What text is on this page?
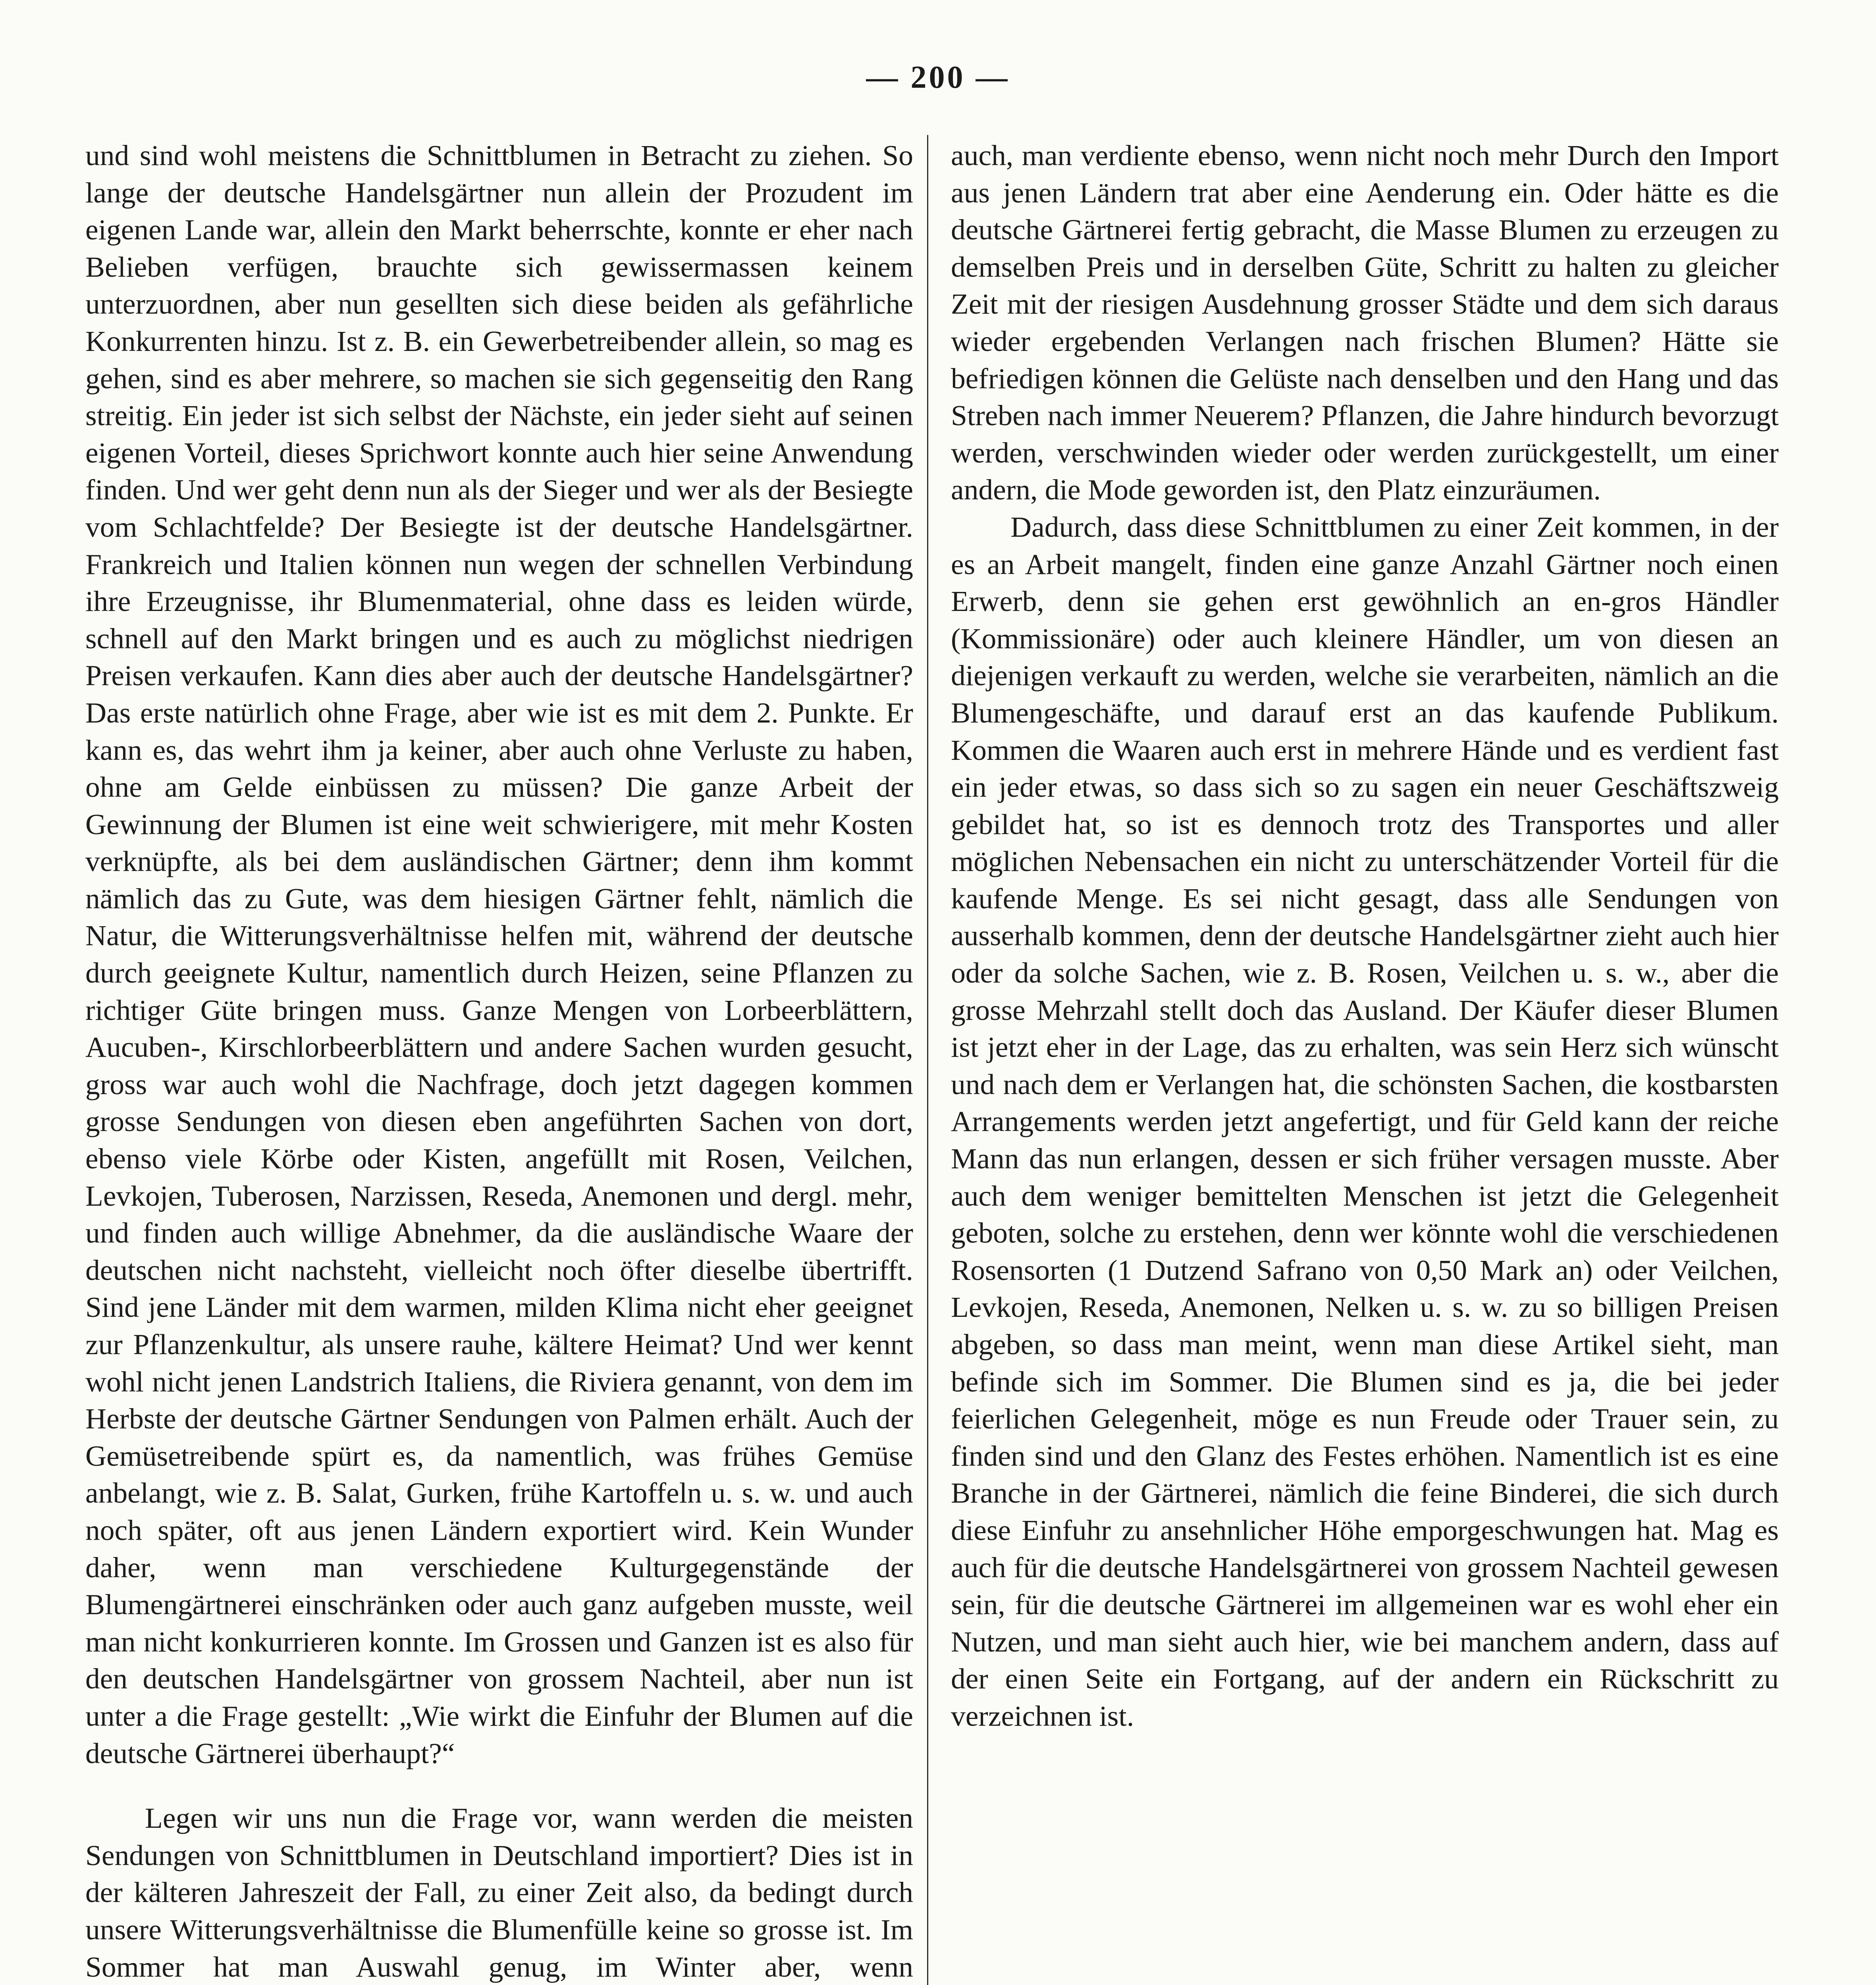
— 200 —

und sind wohl meistens die Schnittblumen in Betracht zu ziehen. So lange der deutsche Handelsgärtner nun allein der Prozudent im eigenen Lande war, allein den Markt beherrschte, konnte er eher nach Belieben verfügen, brauchte sich gewissermassen keinem unterzuordnen, aber nun gesellten sich diese beiden als gefährliche Konkurrenten hinzu. Ist z. B. ein Gewerbetreibender allein, so mag es gehen, sind es aber mehrere, so machen sie sich gegenseitig den Rang streitig. Ein jeder ist sich selbst der Nächste, ein jeder sieht auf seinen eigenen Vorteil, dieses Sprichwort konnte auch hier seine Anwendung finden. Und wer geht denn nun als der Sieger und wer als der Besiegte vom Schlachtfelde? Der Besiegte ist der deutsche Handelsgärtner. Frankreich und Italien können nun wegen der schnellen Verbindung ihre Erzeugnisse, ihr Blumenmaterial, ohne dass es leiden würde, schnell auf den Markt bringen und es auch zu möglichst niedrigen Preisen verkaufen. Kann dies aber auch der deutsche Handelsgärtner? Das erste natürlich ohne Frage, aber wie ist es mit dem 2. Punkte. Er kann es, das wehrt ihm ja keiner, aber auch ohne Verluste zu haben, ohne am Gelde einbüssen zu müssen? Die ganze Arbeit der Gewinnung der Blumen ist eine weit schwierigere, mit mehr Kosten verknüpfte, als bei dem ausländischen Gärtner; denn ihm kommt nämlich das zu Gute, was dem hiesigen Gärtner fehlt, nämlich die Natur, die Witterungsverhältnisse helfen mit, während der deutsche durch geeignete Kultur, namentlich durch Heizen, seine Pflanzen zu richtiger Güte bringen muss. Ganze Mengen von Lorbeerblättern, Aucuben-, Kirschlorbeerblättern und andere Sachen wurden gesucht, gross war auch wohl die Nachfrage, doch jetzt dagegen kommen grosse Sendungen von diesen eben angeführten Sachen von dort, ebenso viele Körbe oder Kisten, angefüllt mit Rosen, Veilchen, Levkojen, Tuberosen, Narzissen, Reseda, Anemonen und dergl. mehr, und finden auch willige Abnehmer, da die ausländische Waare der deutschen nicht nachsteht, vielleicht noch öfter dieselbe übertrifft. Sind jene Länder mit dem warmen, milden Klima nicht eher geeignet zur Pflanzenkultur, als unsere rauhe, kältere Heimat? Und wer kennt wohl nicht jenen Landstrich Italiens, die Riviera genannt, von dem im Herbste der deutsche Gärtner Sendungen von Palmen erhält. Auch der Gemüsetreibende spürt es, da namentlich, was frühes Gemüse anbelangt, wie z. B. Salat, Gurken, frühe Kartoffeln u. s. w. und auch noch später, oft aus jenen Ländern exportiert wird. Kein Wunder daher, wenn man verschiedene Kulturgegenstände der Blumengärtnerei einschränken oder auch ganz aufgeben musste, weil man nicht konkurrieren konnte. Im Grossen und Ganzen ist es also für den deutschen Handelsgärtner von grossem Nachteil, aber nun ist unter a die Frage gestellt: „Wie wirkt die Einfuhr der Blumen auf die deutsche Gärtnerei überhaupt?“

Legen wir uns nun die Frage vor, wann werden die meisten Sendungen von Schnittblumen in Deutschland importiert? Dies ist in der kälteren Jahreszeit der Fall, zu einer Zeit also, da bedingt durch unsere Witterungsverhältnisse die Blumenfülle keine so grosse ist. Im Sommer hat man Auswahl genug, im Winter aber, wenn

auch, man verdiente ebenso, wenn nicht noch mehr Durch den Import aus jenen Ländern trat aber eine Aenderung ein. Oder hätte es die deutsche Gärtnerei fertig gebracht, die Masse Blumen zu erzeugen zu demselben Preis und in derselben Güte, Schritt zu halten zu gleicher Zeit mit der riesigen Ausdehnung grosser Städte und dem sich daraus wieder ergebenden Verlangen nach frischen Blumen? Hätte sie befriedigen können die Gelüste nach denselben und den Hang und das Streben nach immer Neuerem? Pflanzen, die Jahre hindurch bevorzugt werden, verschwinden wieder oder werden zurückgestellt, um einer andern, die Mode geworden ist, den Platz einzuräumen.

Dadurch, dass diese Schnittblumen zu einer Zeit kommen, in der es an Arbeit mangelt, finden eine ganze Anzahl Gärtner noch einen Erwerb, denn sie gehen erst gewöhnlich an en-gros Händler (Kommissionäre) oder auch kleinere Händler, um von diesen an diejenigen verkauft zu werden, welche sie verarbeiten, nämlich an die Blumengeschäfte, und darauf erst an das kaufende Publikum. Kommen die Waaren auch erst in mehrere Hände und es verdient fast ein jeder etwas, so dass sich so zu sagen ein neuer Geschäftszweig gebildet hat, so ist es dennoch trotz des Transportes und aller möglichen Nebensachen ein nicht zu unterschätzender Vorteil für die kaufende Menge. Es sei nicht gesagt, dass alle Sendungen von ausserhalb kommen, denn der deutsche Handelsgärtner zieht auch hier oder da solche Sachen, wie z. B. Rosen, Veilchen u. s. w., aber die grosse Mehrzahl stellt doch das Ausland. Der Käufer dieser Blumen ist jetzt eher in der Lage, das zu erhalten, was sein Herz sich wünscht und nach dem er Verlangen hat, die schönsten Sachen, die kostbarsten Arrangements werden jetzt angefertigt, und für Geld kann der reiche Mann das nun erlangen, dessen er sich früher versagen musste. Aber auch dem weniger bemittelten Menschen ist jetzt die Gelegenheit geboten, solche zu erstehen, denn wer könnte wohl die verschiedenen Rosensorten (1 Dutzend Safrano von 0,50 Mark an) oder Veilchen, Levkojen, Reseda, Anemonen, Nelken u. s. w. zu so billigen Preisen abgeben, so dass man meint, wenn man diese Artikel sieht, man befinde sich im Sommer. Die Blumen sind es ja, die bei jeder feierlichen Gelegenheit, möge es nun Freude oder Trauer sein, zu finden sind und den Glanz des Festes erhöhen. Namentlich ist es eine Branche in der Gärtnerei, nämlich die feine Binderei, die sich durch diese Einfuhr zu ansehnlicher Höhe emporgeschwungen hat. Mag es auch für die deutsche Handelsgärtnerei von grossem Nachteil gewesen sein, für die deutsche Gärtnerei im allgemeinen war es wohl eher ein Nutzen, und man sieht auch hier, wie bei manchem andern, dass auf der einen Seite ein Fortgang, auf der andern ein Rückschritt zu verzeichnen ist.
